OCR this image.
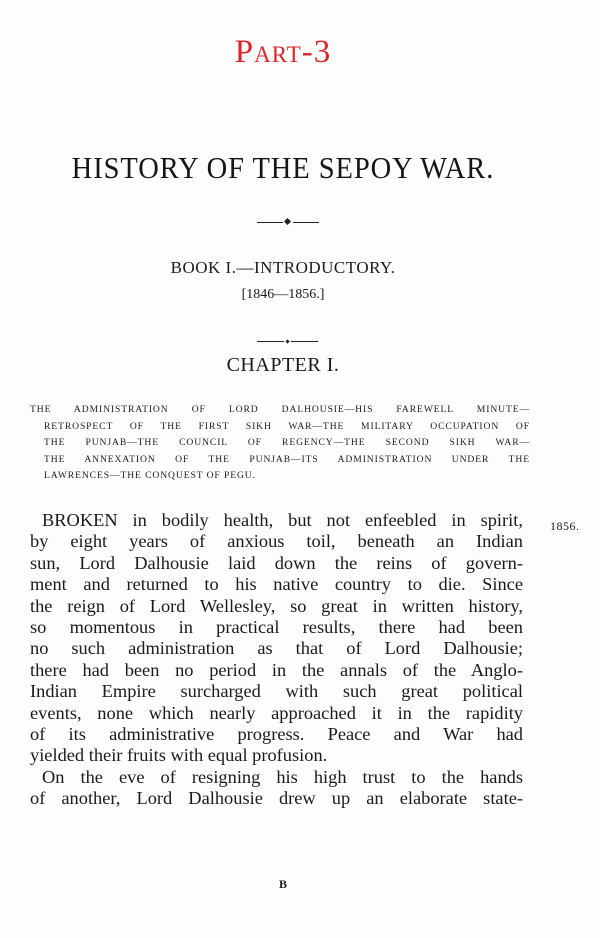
Part-3
HISTORY OF THE SEPOY WAR.
BOOK I.—INTRODUCTORY.
[1846—1856.]
CHAPTER I.
THE ADMINISTRATION OF LORD DALHOUSIE—HIS FAREWELL MINUTE—
RETROSPECT OF THE FIRST SIKH WAR—THE MILITARY OCCUPATION OF
THE PUNJAB—THE COUNCIL OF REGENCY—THE SECOND SIKH WAR—
THE ANNEXATION OF THE PUNJAB—ITS ADMINISTRATION UNDER THE
LAWRENCES—THE CONQUEST OF PEGU.
1856.
BROKEN in bodily health, but not enfeebled in spirit,
by eight years of anxious toil, beneath an Indian
sun, Lord Dalhousie laid down the reins of govern-
ment and returned to his native country to die. Since
the reign of Lord Wellesley, so great in written history,
so momentous in practical results, there had been
no such administration as that of Lord Dalhousie;
there had been no period in the annals of the Anglo-
Indian Empire surcharged with such great political
events, none which nearly approached it in the rapidity
of its administrative progress. Peace and War had
yielded their fruits with equal profusion.
On the eve of resigning his high trust to the hands
of another, Lord Dalhousie drew up an elaborate state-
B
